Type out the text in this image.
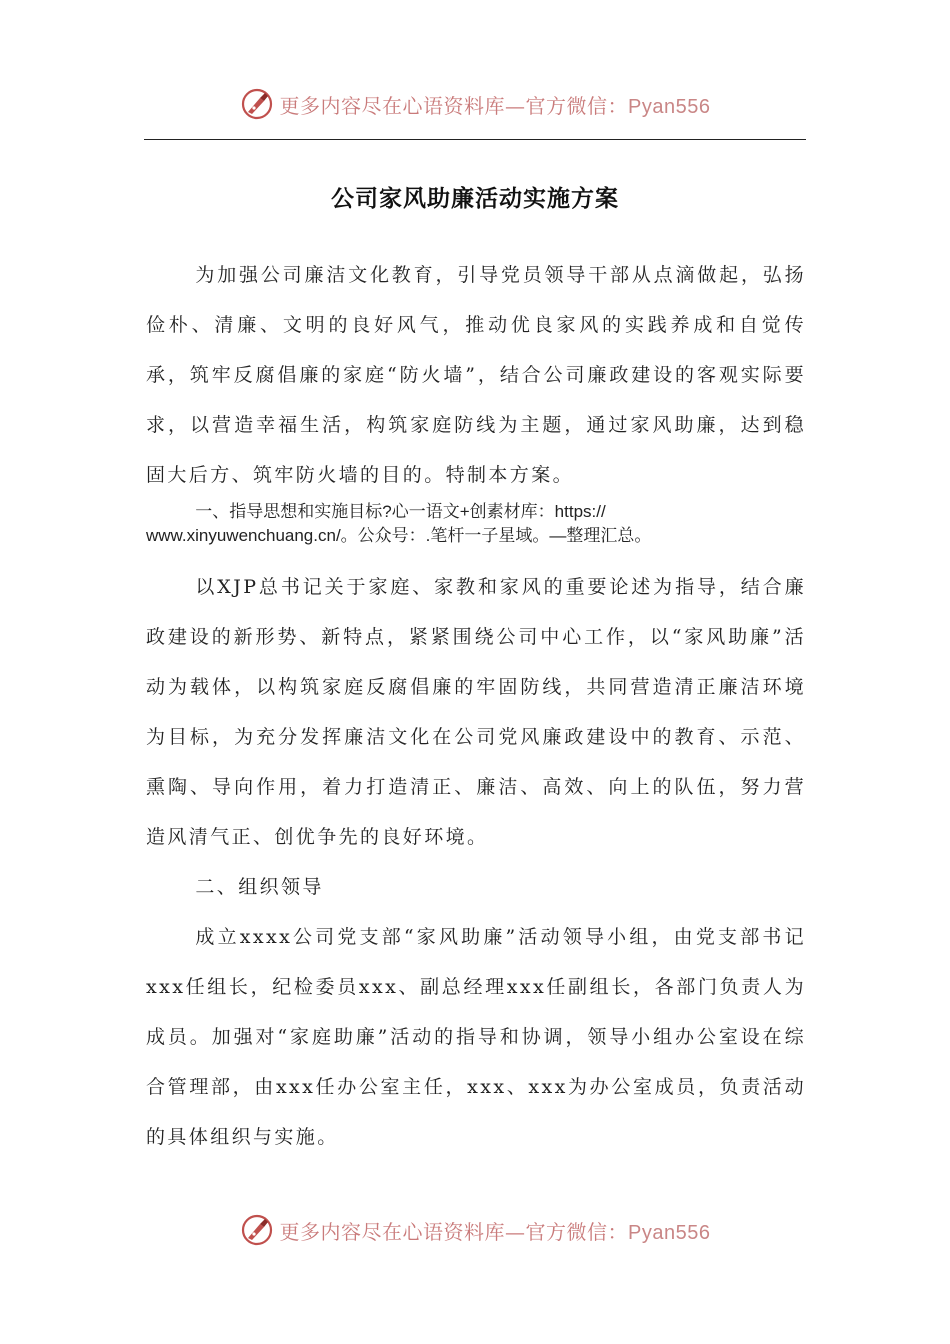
更多内容尽在心语资料库—官方微信：Pyan556
公司家风助廉活动实施方案

为加强公司廉洁文化教育，引导党员领导干部从点滴做起，弘扬俭朴、清廉、文明的良好风气，推动优良家风的实践养成和自觉传承，筑牢反腐倡廉的家庭“防火墙”，结合公司廉政建设的客观实际要求，以营造幸福生活，构筑家庭防线为主题，通过家风助廉，达到稳固大后方、筑牢防火墙的目的。特制本方案。

一、指导思想和实施目标?心一语文+创素材库：https://

www.xinyuwenchuang.cn/。公众号：.笔杆一子星域。—整理汇总。

以XJP总书记关于家庭、家教和家风的重要论述为指导，结合廉政建设的新形势、新特点，紧紧围绕公司中心工作，以“家风助廉”活动为载体，以构筑家庭反腐倡廉的牢固防线，共同营造清正廉洁环境为目标，为充分发挥廉洁文化在公司党风廉政建设中的教育、示范、熏陶、导向作用，着力打造清正、廉洁、高效、向上的队伍，努力营造风清气正、创优争先的良好环境。

二、组织领导

成立xxxx公司党支部“家风助廉”活动领导小组，由党支部书记xxx任组长，纪检委员xxx、副总经理xxx任副组长，各部门负责人为成员。加强对“家庭助廉”活动的指导和协调，领导小组办公室设在综合管理部，由xxx任办公室主任，xxx、xxx为办公室成员，负责活动的具体组织与实施。

更多内容尽在心语资料库—官方微信：Pyan556
